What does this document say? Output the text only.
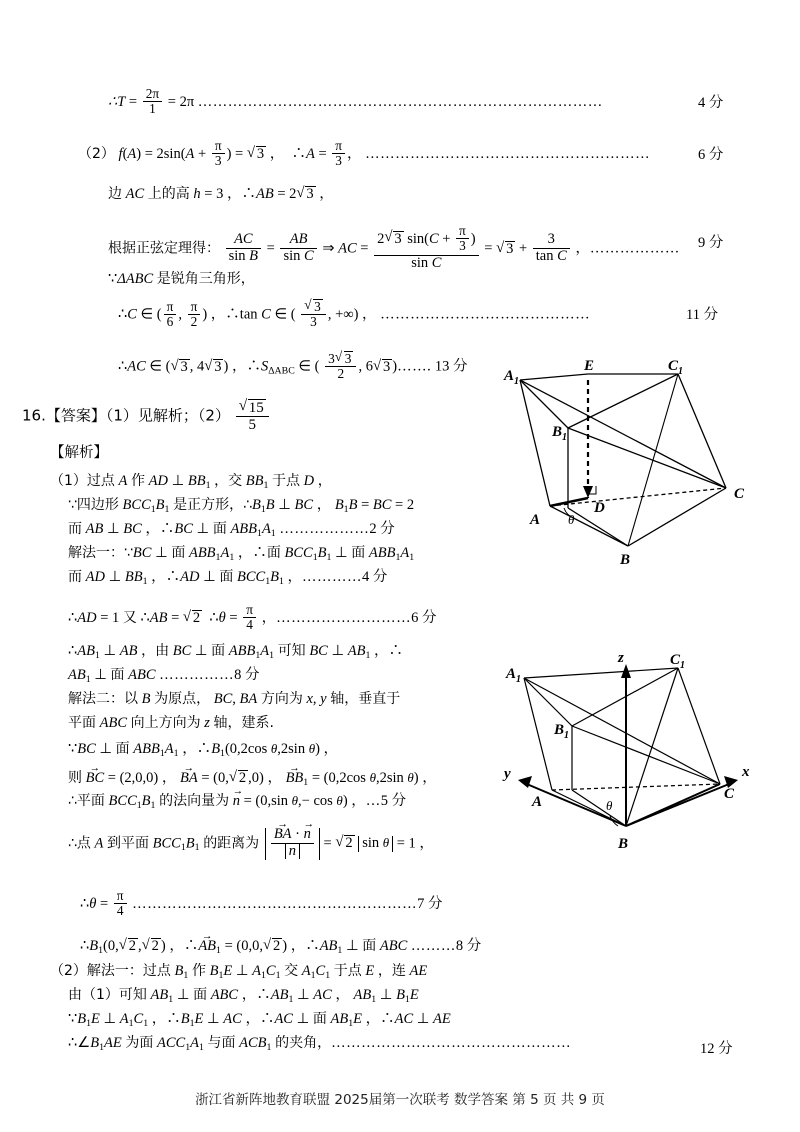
∴T = $\frac{2\pi}{1} = 2\pi$ ………………………………………………………………………	4 分
（2） $f(A) = 2\sin(A + \frac{\pi}{3}$ ) = √ 3 ，  ∴A = $\frac{\pi}{3}$ ， …………………………………………………	6 分
边 AC 上的高 h = 3 ，∴AB = 2 √ 3 ，
根据正弦定理得： $\frac{AC}{\text{sin B}} = \frac{AB}{\text{sin C}}$ ⇒ AC = $\frac{2 √ 3 \sin(C + \frac{\pi}{3} )}{\text{sin C}}$ = √ $3 + \frac{3}{\text{tan C}}$ ，……………… 9 分
∵ΔABC 是锐角三角形，
∴C ∈ ( $\frac{\pi}{6}$ , $\frac{\pi}{2}$ ) ，∴tan C ∈ ( √ $\frac{3}{3}$ , +∞) ， ……………………………………	11 分
∴AC ∈ ( √ 3 , 4 √ 3 ) ，$\therefore S_{\Delta ABC}$ ∈ ( $\frac{3 √ 3}{2}$ , 6 √ 3 )……. 13 分
16.【答案】（1）见解析；（2） √ $\frac{15}{5}$
【解析】
（1）过点 A 作 AD ⊥ $BB_1$ ，交 $BB_1$ 于点 D ，
∵四边形 $BCC_1B_1$ 是正方形，$\therefore B_1B$ ⊥ BC ， $B_1B$ = BC = 2
而 AB ⊥ BC ，∴BC ⊥ 面 $ABB_1A_1$ ………………2 分
解法一：∵BC ⊥ 面 $ABB_1A_1$ ，∴面 $BCC_1B_1$ ⊥ 面 $ABB_1A_1$
而 AD ⊥ $BB_1$ ，∴AD ⊥ 面 $BCC_1B_1$ ，…………4 分
∴AD = 1 又 ∴AB = √ 2  ∴θ = $\frac{\pi}{4}$ ，………………………6 分
$\therefore AB_1$ ⊥ AB ，由 BC ⊥ 面 $ABB_1A_1$ 可知 BC ⊥ $AB_1$ ，∴
$AB_1$ ⊥ 面 ABC ……………8 分
解法二：以 B 为原点， BC, BA 方向为 x, y 轴，垂直于
平面 ABC 向上方向为 z 轴，建系.
∵BC ⊥ 面 $ABB_1A_1$ ，$\therefore B_1(0,2\cos$ θ,2sin θ) ，
则 BC → = (2,0,0) ， BA → = (0, √ 2 ,0) ， BB $\to_1 = (0,2\cos$ θ,2sin θ) ，
∴平面 $BCC_1B_1$ 的法向量为 n → = (0,sin θ,− cos θ) ，…5 分
∴点 A 到平面 $BCC_1B_1$ 的距离为 $\frac{BA \to \cdot n \to}{n}$ = √ 2 sin θ = 1 ，
∴θ = $\frac{\pi}{4}$ …………………………………………………7 分
$\therefore B_1(0$, √ 2 , √ 2 ) ，∴AB $\to_1 = (0,0$, √ 2 ) ，$\therefore AB_1$ ⊥ 面 ABC ………8 分
（2）解法一：过点 $B_1$ 作 $B_1E$ ⊥ $A_1C_1$ 交 $A_1C_1$ 于点 E ，连 AE
由（1）可知 $AB_1$ ⊥ 面 ABC ，$\therefore AB_1$ ⊥ AC ， $AB_1$ ⊥ $B_1E$
$\because B_1E$ ⊥ $A_1C_1$ ，$\therefore B_1E$ ⊥ AC ，∴AC ⊥ 面 $AB_1E$ ，∴AC ⊥ AE
$\therefore\angle B_1AE$ 为面 $ACC_1A_1$ 与面 $ACB_1$ 的夹角，…………………………………………	12 分
$A_1$
E	$C_1$
$B_1$
D
C
A
B
θ
z
$A_1$
$C_1$
$B_1$
y	x
A	C
B
θ
浙江省新阵地教育联盟 2025届第一次联考 数学答案 第 5 页 共 9 页
